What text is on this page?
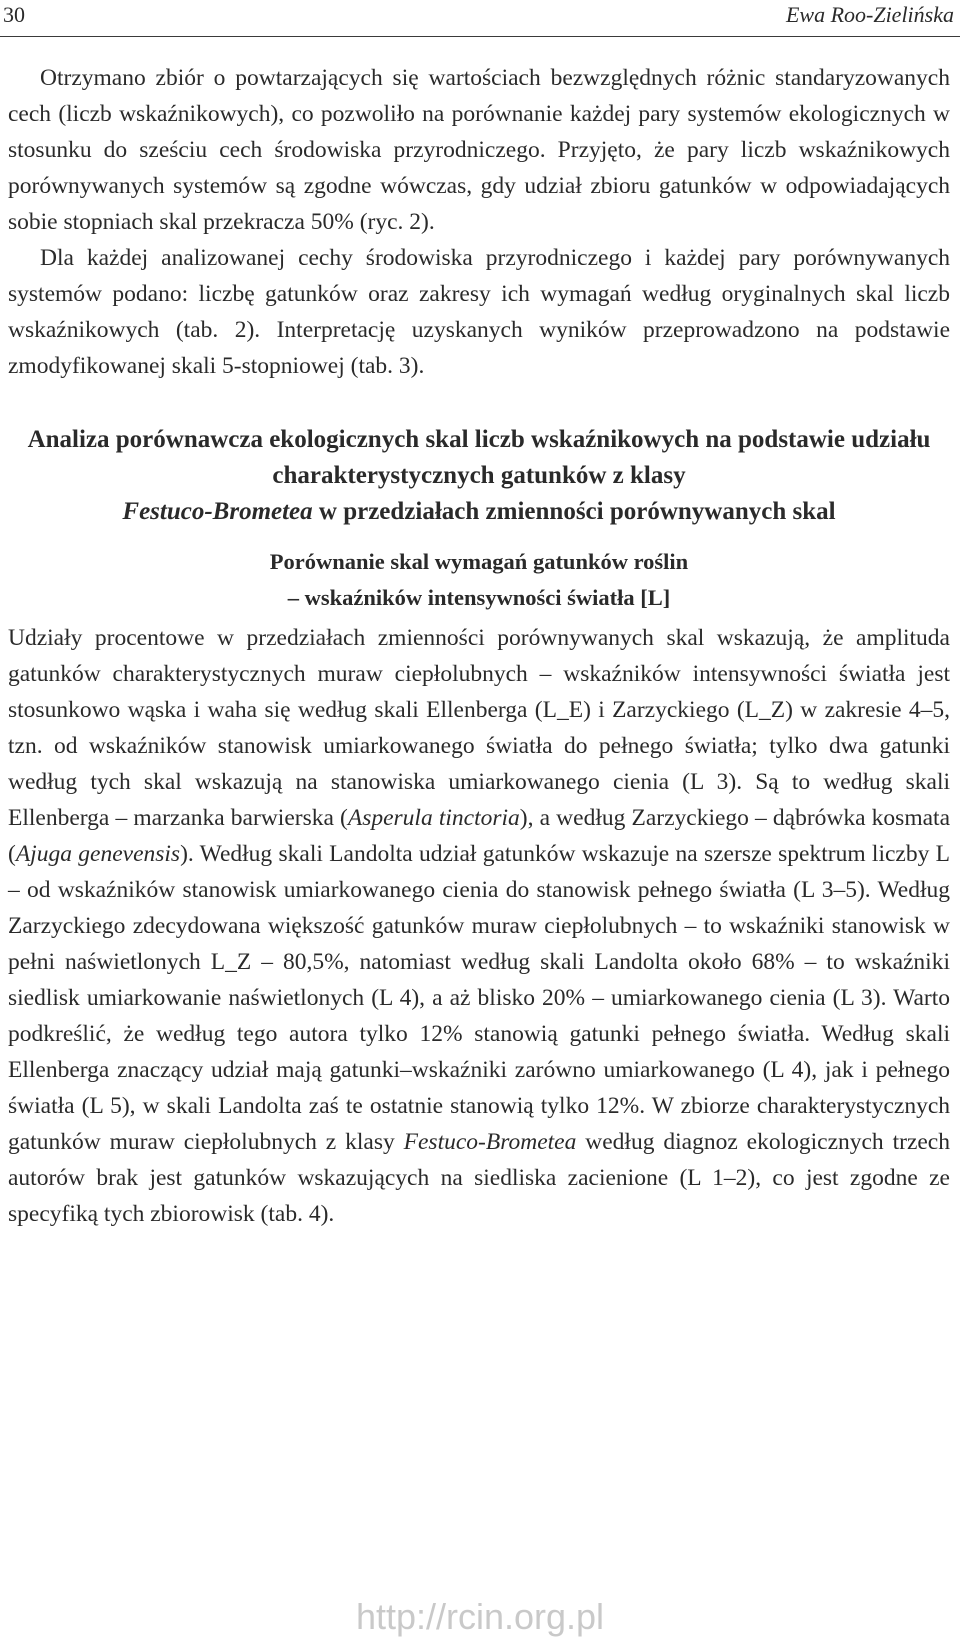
30	Ewa Roo-Zielińska

Otrzymano zbiór o powtarzających się wartościach bezwzględnych różnic standaryzowanych cech (liczb wskaźnikowych), co pozwoliło na porównanie każdej pary systemów ekologicznych w stosunku do sześciu cech środowiska przyrodniczego. Przyjęto, że pary liczb wskaźnikowych porównywanych systemów są zgodne wówczas, gdy udział zbioru gatunków w odpowiadających sobie stopniach skal przekracza 50% (ryc. 2).

Dla każdej analizowanej cechy środowiska przyrodniczego i każdej pary porównywanych systemów podano: liczbę gatunków oraz zakresy ich wymagań według oryginalnych skal liczb wskaźnikowych (tab. 2). Interpretację uzyskanych wyników przeprowadzono na podstawie zmodyfikowanej skali 5-stopniowej (tab. 3).

Analiza porównawcza ekologicznych skal liczb wskaźnikowych na podstawie udziału charakterystycznych gatunków z klasy
Festuco-Brometea w przedziałach zmienności porównywanych skal
Porównanie skal wymagań gatunków roślin
– wskaźników intensywności światła [L]

Udziały procentowe w przedziałach zmienności porównywanych skal wskazują, że amplituda gatunków charakterystycznych muraw ciepłolubnych – wskaźników intensywności światła jest stosunkowo wąska i waha się według skali Ellenberga (L_E) i Zarzyckiego (L_Z) w zakresie 4–5, tzn. od wskaźników stanowisk umiarkowanego światła do pełnego światła; tylko dwa gatunki według tych skal wskazują na stanowiska umiarkowanego cienia (L 3). Są to według skali Ellenberga – marzanka barwierska (Asperula tinctoria), a według Zarzyckiego – dąbrówka kosmata (Ajuga genevensis). Według skali Landolta udział gatunków wskazuje na szersze spektrum liczby L – od wskaźników stanowisk umiarkowanego cienia do stanowisk pełnego światła (L 3–5). Według Zarzyckiego zdecydowana większość gatunków muraw ciepłolubnych – to wskaźniki stanowisk w pełni naświetlonych L_Z – 80,5%, natomiast według skali Landolta około 68% – to wskaźniki siedlisk umiarkowanie naświetlonych (L 4), a aż blisko 20% – umiarkowanego cienia (L 3). Warto podkreślić, że według tego autora tylko 12% stanowią gatunki pełnego światła. Według skali Ellenberga znaczący udział mają gatunki–wskaźniki zarówno umiarkowanego (L 4), jak i pełnego światła (L 5), w skali Landolta zaś te ostatnie stanowią tylko 12%. W zbiorze charakterystycznych gatunków muraw ciepłolubnych z klasy Festuco-Brometea według diagnoz ekologicznych trzech autorów brak jest gatunków wskazujących na siedliska zacienione (L 1–2), co jest zgodne ze specyfiką tych zbiorowisk (tab. 4).

http://rcin.org.pl
